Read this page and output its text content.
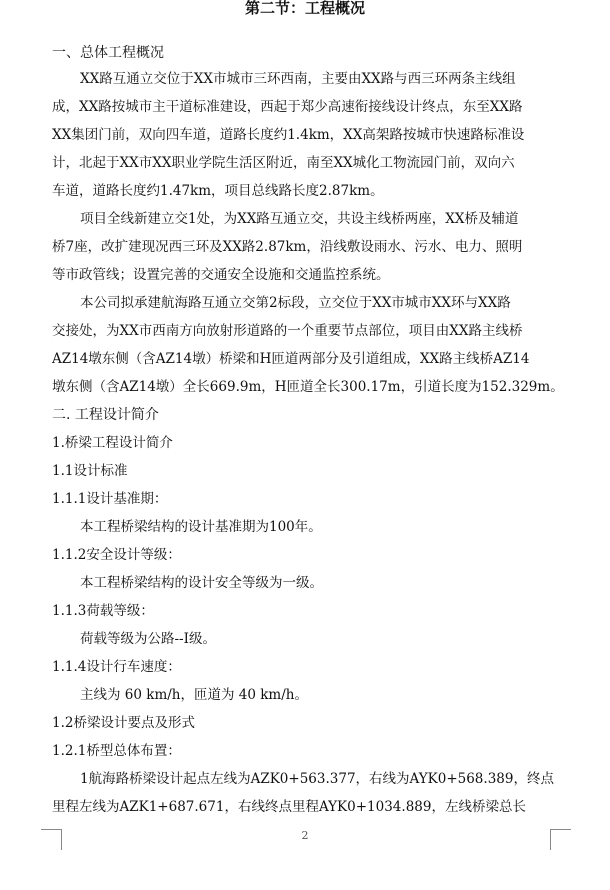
第二节：工程概况
一、总体工程概况
XX路互通立交位于XX市城市三环西南，主要由XX路与西三环两条主线组
成，XX路按城市主干道标准建设，西起于郑少高速衔接线设计终点，东至XX路
XX集团门前，双向四车道，道路长度约1.4km，XX高架路按城市快速路标准设
计，北起于XX市XX职业学院生活区附近，南至XX城化工物流园门前，双向六
车道，道路长度约1.47km，项目总线路长度2.87km。
项目全线新建立交1处，为XX路互通立交，共设主线桥两座，XX桥及辅道
桥7座，改扩建现况西三环及XX路2.87km，沿线敷设雨水、污水、电力、照明
等市政管线；设置完善的交通安全设施和交通监控系统。
本公司拟承建航海路互通立交第2标段，立交位于XX市城市XX环与XX路
交接处，为XX市西南方向放射形道路的一个重要节点部位，项目由XX路主线桥
AZ14墩东侧（含AZ14墩）桥梁和H匝道两部分及引道组成，XX路主线桥AZ14
墩东侧（含AZ14墩）全长669.9m，H匝道全长300.17m，引道长度为152.329m。
二. 工程设计简介
1.桥梁工程设计简介
1.1设计标准
1.1.1设计基准期：
本工程桥梁结构的设计基准期为100年。
1.1.2安全设计等级：
本工程桥梁结构的设计安全等级为一级。
1.1.3荷载等级：
荷载等级为公路--Ⅰ级。
1.1.4设计行车速度：
主线为 60 km/h，匝道为 40 km/h。
1.2桥梁设计要点及形式
1.2.1桥型总体布置：
1航海路桥梁设计起点左线为AZK0+563.377，右线为AYK0+568.389，终点
里程左线为AZK1+687.671，右线终点里程AYK0+1034.889，左线桥梁总长
2
